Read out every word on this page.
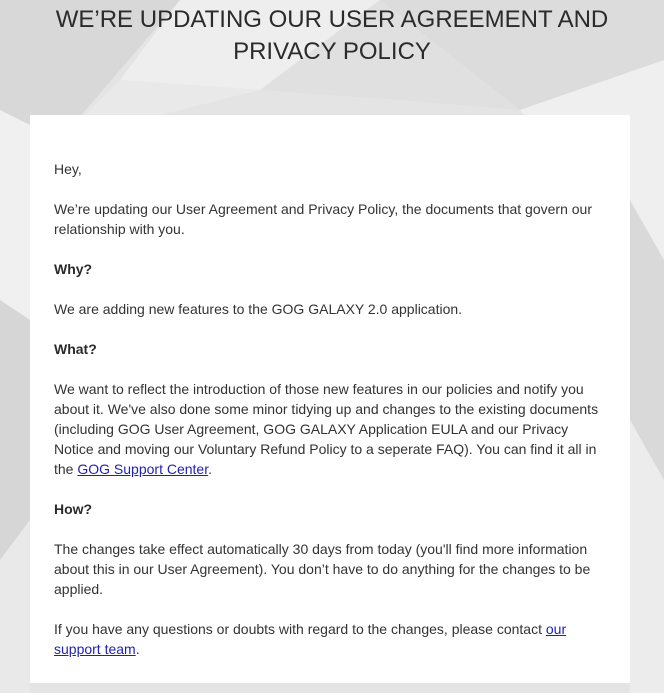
WE’RE UPDATING OUR USER AGREEMENT AND
PRIVACY POLICY

Hey,

We’re updating our User Agreement and Privacy Policy, the documents that govern our relationship with you.

Why?

We are adding new features to the GOG GALAXY 2.0 application.

What?

We want to reflect the introduction of those new features in our policies and notify you about it. We've also done some minor tidying up and changes to the existing documents (including GOG User Agreement, GOG GALAXY Application EULA and our Privacy Notice and moving our Voluntary Refund Policy to a seperate FAQ). You can find it all in the GOG Support Center.

How?

The changes take effect automatically 30 days from today (you'll find more information about this in our User Agreement). You don’t have to do anything for the changes to be applied.

If you have any questions or doubts with regard to the changes, please contact our support team.
